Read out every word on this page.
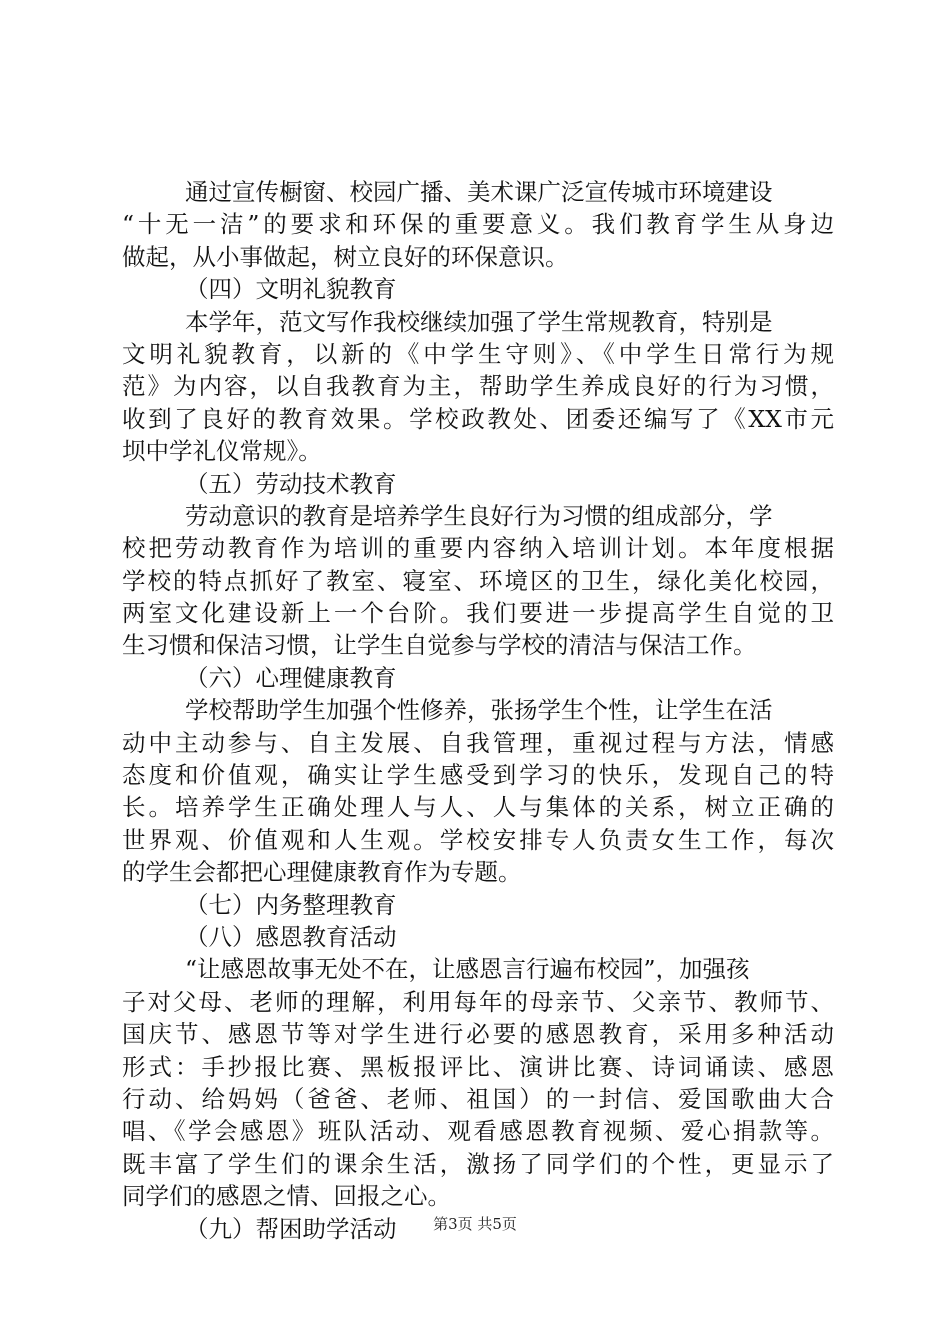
通过宣传橱窗、校园广播、美术课广泛宣传城市环境建设
“十无一洁”的要求和环保的重要意义。我们教育学生从身边
做起，从小事做起，树立良好的环保意识。
（四）文明礼貌教育
本学年，范文写作我校继续加强了学生常规教育，特别是
文明礼貌教育，以新的《中学生守则》、《中学生日常行为规
范》为内容，以自我教育为主，帮助学生养成良好的行为习惯，
收到了良好的教育效果。学校政教处、团委还编写了《XX市元
坝中学礼仪常规》。
（五）劳动技术教育
劳动意识的教育是培养学生良好行为习惯的组成部分，学
校把劳动教育作为培训的重要内容纳入培训计划。本年度根据
学校的特点抓好了教室、寝室、环境区的卫生，绿化美化校园，
两室文化建设新上一个台阶。我们要进一步提高学生自觉的卫
生习惯和保洁习惯，让学生自觉参与学校的清洁与保洁工作。
（六）心理健康教育
学校帮助学生加强个性修养，张扬学生个性，让学生在活
动中主动参与、自主发展、自我管理，重视过程与方法，情感
态度和价值观，确实让学生感受到学习的快乐，发现自己的特
长。培养学生正确处理人与人、人与集体的关系，树立正确的
世界观、价值观和人生观。学校安排专人负责女生工作，每次
的学生会都把心理健康教育作为专题。
（七）内务整理教育
（八）感恩教育活动
“让感恩故事无处不在，让感恩言行遍布校园”，加强孩
子对父母、老师的理解，利用每年的母亲节、父亲节、教师节、
国庆节、感恩节等对学生进行必要的感恩教育，采用多种活动
形式：手抄报比赛、黑板报评比、演讲比赛、诗词诵读、感恩
行动、给妈妈（爸爸、老师、祖国）的一封信、爱国歌曲大合
唱、《学会感恩》班队活动、观看感恩教育视频、爱心捐款等。
既丰富了学生们的课余生活，激扬了同学们的个性，更显示了
同学们的感恩之情、回报之心。
（九）帮困助学活动	第3页 共5页
